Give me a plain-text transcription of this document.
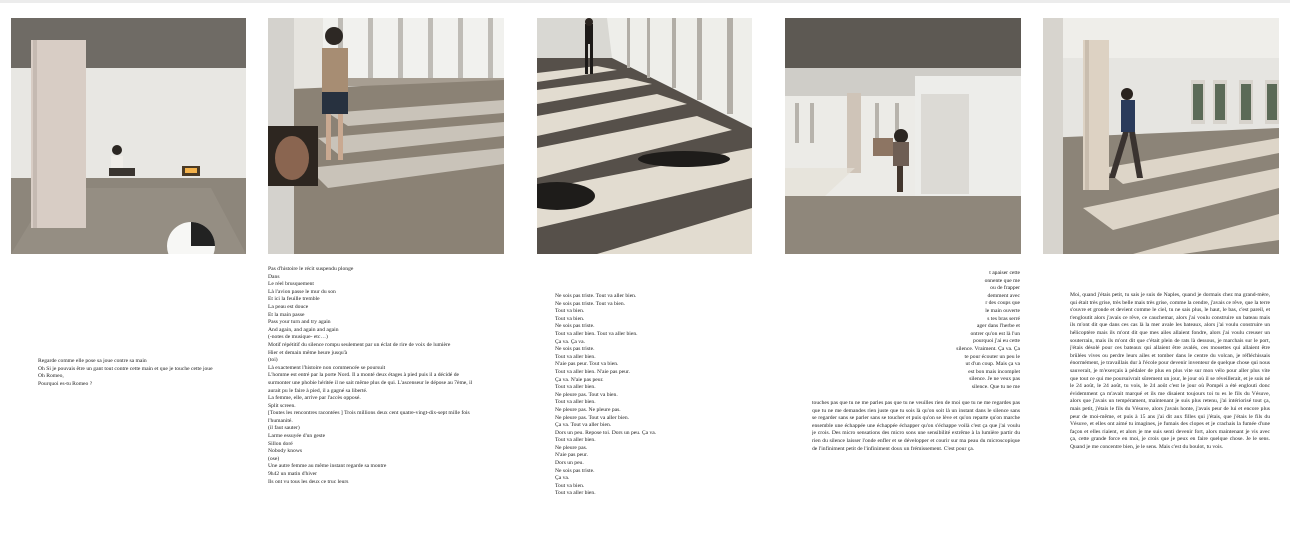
Regarde comme elle pose sa joue contre sa main
Oh Si je pouvais être un gant tout contre cette main et que je touche cette joue
Oh Romeo,
Pourquoi es-tu Romeo ?
Pas d'histoire le récit suspendu plonge
Dans
Le réel brusquement
Là l'avion passe le mur du son
Et ici la feuille tremble
La peau est douce
Et la main passe
Pass your turn and try again
And again, and again and again
(-notes de musique- etc…)
Motif répétitif du silence rompu seulement par un éclat de rire de voix de lumière
Hier et demain même heure jusqu'à
(toi)
Là exactement l'histoire non commencée se poursuit
L'homme est entré par la porte Nord. Il a monté deux étages à pied puis il a décidé de surmonter une phobie héritée il ne sait même plus de qui. L'ascenseur le dépose au 7ème, il aurait pu le faire à pied, il a gagné sa liberté.
La femme, elle, arrive par l'accès opposé.
Split screen.
[Toutes les rencontres racontées ] Trois millions deux cent quatre-vingt-dix-sept mille fois l'humanité.
(il faut sauter)
Larme essuyée d'un geste
Sillon doré
Nobody knows
(ose)
Une autre femme au même instant regarde sa montre
9h42 un matin d'hiver
Ils ont vu tous les deux ce truc leurs
Ne sois pas triste. Tout va aller bien.
Ne sois pas triste. Tout va bien.
Tout va bien.
Tout va bien.
Ne sois pas triste.
Tout va aller bien. Tout va aller bien.
Ça va. Ça va.
Ne sois pas triste.
Tout va aller bien.
N'aie pas peur. Tout va bien.
Tout va aller bien. N'aie pas peur.
Ça va. N'aie pas peur.
Tout va aller bien.
Ne pleure pas. Tout va bien.
Tout va aller bien.
Ne pleure pas. Ne pleure pas.
Ne pleure pas. Tout va aller bien.
Ça va. Tout va aller bien.
Dors un peu. Repose toi. Dors un peu. Ça va.
Tout va aller bien.
Ne pleure pas.
N'aie pas peur.
Dors un peu.
Ne sois pas triste.
Ça va.
Tout va bien.
Tout va aller bien.
t apaiser cette
onnente que me
ou de frapper
demment avec
r des coups que
le main ouverte
s tes bras serré
ager dans l'herbe et
ontrer qu'on est là l'un
pourquoi j'ai eu cette
silence. Vraiment. Ça va. Ça
te pour écouter un peu le
ut d'un coup. Mais ça va
est bon mais incomplet
silence. Je ne veux pas
silence. Que tu ne me
touches pas que tu ne me parles pas que tu ne veuilles rien de moi que tu ne me regardes pas que tu ne me demandes rien juste que tu sois là qu'on soit là un instant dans le silence sans se regarder sans se parler sans se toucher et puis qu'on se lève et qu'on reparte qu'on marche ensemble une échappée une échappée échapper qu'on s'échappe voilà c'est ça que j'ai voulu je crois. Des micro sensations des micro sons une sensibilité extrême à la lumière partir du rien du silence laisser l'onde enfler et se développer et courir sur ma peau du microscopique de l'infiniment petit de l'infiniment doux un frémissement. C'est pour ça.
Moi, quand j'étais petit, tu sais je suis de Naples, quand je dormais chez ma grand-mère, qui était très grise, très belle mais très grise, comme la cendre, j'avais ce rêve, que la terre s'ouvre et gronde et devient comme le ciel, tu ne sais plus, le haut, le bas, c'est pareil, et t'engloutit alors j'avais ce rêve, ce cauchemar, alors j'ai voulu construire un bateau mais ils m'ont dit que dans ces cas là la mer avale les bateaux, alors j'ai voulu construire un hélicoptère mais ils m'ont dit que mes ailes allaient fondre, alors j'ai voulu creuser un souterrain, mais ils m'ont dit que c'était plein de rats là dessous, je marchais sur le port, j'étais désolé pour ces bateaux qui allaient être avalés, ces mouettes qui allaient être brûlées vives ou perdre leurs ailes et tomber dans le centre du volcan, je réfléchissais énormément, je travaillais dur à l'école pour devenir inventeur de quelque chose qui nous sauverait, je m'exerçais à pédaler de plus en plus vite sur mon vélo pour aller plus vite que tout ce qui me poursuivrait sûrement un jour, le jour où il se réveillerait, et je suis né le 24 août, le 24 août, tu vois, le 24 août c'est le jour où Pompéi a été englouti donc évidemment ça m'avait marqué et ils me disaient toujours toi tu es le fils du Vésuve, alors que j'avais un tempérament, maintenant je suis plus retenu, j'ai intériorisé tout ça, mais petit, j'étais le fils du Vésuve, alors j'avais honte, j'avais peur de lui et encore plus peur de moi-même, et puis à 15 ans j'ai dit aux filles qui j'étais, que j'étais le fils du Vésuve, et elles ont aimé tu imagines, je fumais des clopes et je crachais la fumée d'une façon et elles riaient, et alors je me suis senti devenir fort, alors maintenant je vis avec ça, cette grande force en moi, je crois que je peux en faire quelque chose. Je le sens. Quand je me concentre bien, je le sens. Mais c'est du boulot, tu vois.
